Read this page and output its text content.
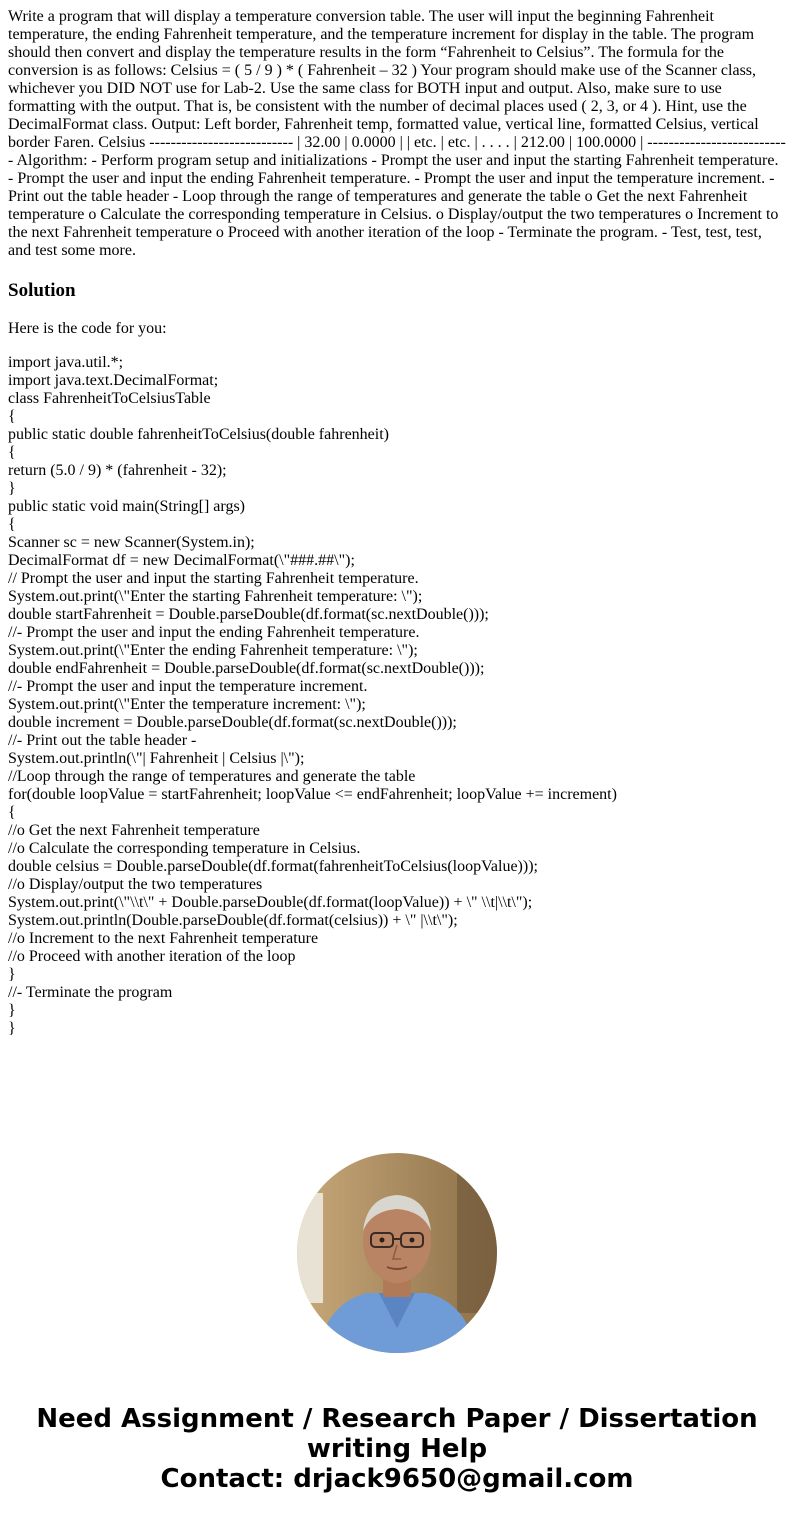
Write a program that will display a temperature conversion table. The user will input the beginning Fahrenheit temperature, the ending Fahrenheit temperature, and the temperature increment for display in the table. The program should then convert and display the temperature results in the form “Fahrenheit to Celsius”. The formula for the conversion is as follows: Celsius = ( 5 / 9 ) * ( Fahrenheit – 32 ) Your program should make use of the Scanner class, whichever you DID NOT use for Lab-2. Use the same class for BOTH input and output. Also, make sure to use formatting with the output. That is, be consistent with the number of decimal places used ( 2, 3, or 4 ). Hint, use the DecimalFormat class. Output: Left border, Fahrenheit temp, formatted value, vertical line, formatted Celsius, vertical border Faren. Celsius --------------------------- | 32.00 | 0.0000 | | etc. | etc. | . . . . | 212.00 | 100.0000 | --------------------------- Algorithm: - Perform program setup and initializations - Prompt the user and input the starting Fahrenheit temperature. - Prompt the user and input the ending Fahrenheit temperature. - Prompt the user and input the temperature increment. - Print out the table header - Loop through the range of temperatures and generate the table o Get the next Fahrenheit temperature o Calculate the corresponding temperature in Celsius. o Display/output the two temperatures o Increment to the next Fahrenheit temperature o Proceed with another iteration of the loop - Terminate the program. - Test, test, test, and test some more.

Solution

Here is the code for you:

import java.util.*;
import java.text.DecimalFormat;
class FahrenheitToCelsiusTable
{
public static double fahrenheitToCelsius(double fahrenheit)
{
return (5.0 / 9) * (fahrenheit - 32);
}
public static void main(String[] args)
{
Scanner sc = new Scanner(System.in);
DecimalFormat df = new DecimalFormat(\"###.##\");
// Prompt the user and input the starting Fahrenheit temperature.
System.out.print(\"Enter the starting Fahrenheit temperature: \");
double startFahrenheit = Double.parseDouble(df.format(sc.nextDouble()));
//- Prompt the user and input the ending Fahrenheit temperature.
System.out.print(\"Enter the ending Fahrenheit temperature: \");
double endFahrenheit = Double.parseDouble(df.format(sc.nextDouble()));
//- Prompt the user and input the temperature increment.
System.out.print(\"Enter the temperature increment: \");
double increment = Double.parseDouble(df.format(sc.nextDouble()));
//- Print out the table header -
System.out.println(\"| Fahrenheit | Celsius |\");
//Loop through the range of temperatures and generate the table
for(double loopValue = startFahrenheit; loopValue <= endFahrenheit; loopValue += increment)
{
//o Get the next Fahrenheit temperature
//o Calculate the corresponding temperature in Celsius.
double celsius = Double.parseDouble(df.format(fahrenheitToCelsius(loopValue)));
//o Display/output the two temperatures
System.out.print(\"\\t\" + Double.parseDouble(df.format(loopValue)) + \" \\t|\\t\");
System.out.println(Double.parseDouble(df.format(celsius)) + \" |\\t\");
//o Increment to the next Fahrenheit temperature
//o Proceed with another iteration of the loop
}
//- Terminate the program
}
}
Need Assignment / Research Paper / Dissertation
writing Help
Contact: drjack9650@gmail.com
